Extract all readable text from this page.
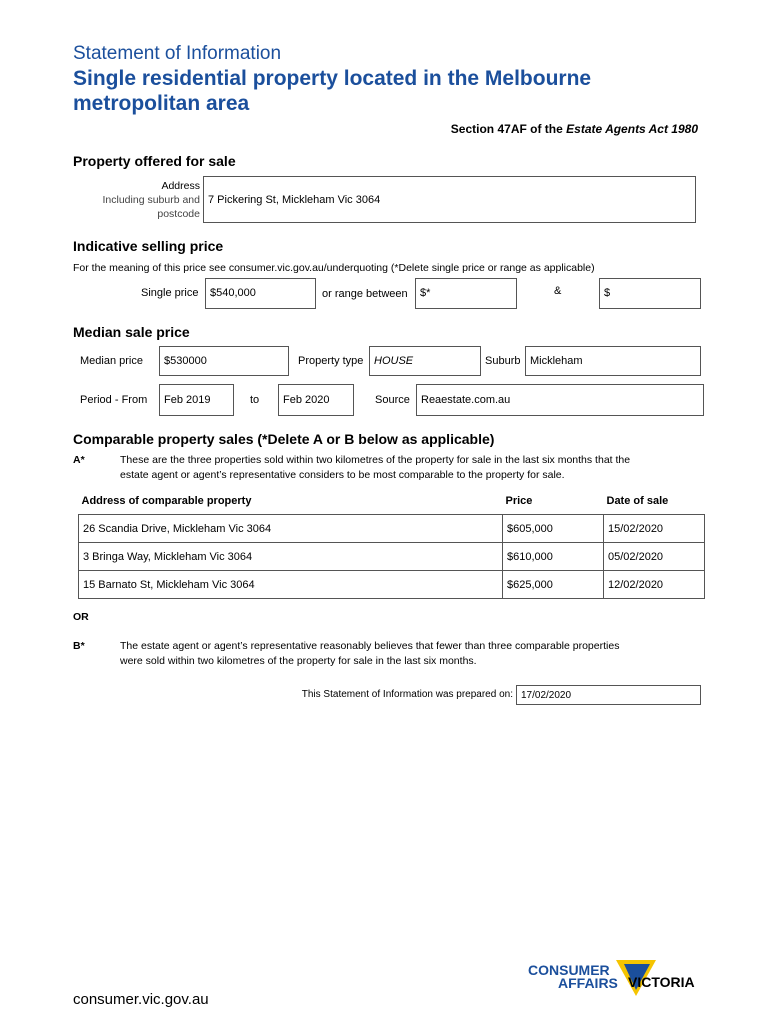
Statement of Information
Single residential property located in the Melbourne metropolitan area
Section 47AF of the Estate Agents Act 1980
Property offered for sale
Address
Including suburb and
postcode
7 Pickering St, Mickleham Vic 3064
Indicative selling price
For the meaning of this price see consumer.vic.gov.au/underquoting (*Delete single price or range as applicable)
Single price $540,000	or range between $*	&	$
Median sale price
Median price $530000	Property type HOUSE	Suburb Mickleham
Period - From Feb 2019	to Feb 2020	Source Reaestate.com.au
Comparable property sales (*Delete A or B below as applicable)
A*	These are the three properties sold within two kilometres of the property for sale in the last six months that the
estate agent or agent’s representative considers to be most comparable to the property for sale.
Address of comparable property	Price	Date of sale
26 Scandia Drive, Mickleham Vic 3064	$605,000	15/02/2020
3 Bringa Way, Mickleham Vic 3064	$610,000	05/02/2020
15 Barnato St, Mickleham Vic 3064	$625,000	12/02/2020
OR
B*	The estate agent or agent’s representative reasonably believes that fewer than three comparable properties
were sold within two kilometres of the property for sale in the last six months.
This Statement of Information was prepared on: 17/02/2020
consumer.vic.gov.au
CONSUMER
AFFAIRS VICTORIA
